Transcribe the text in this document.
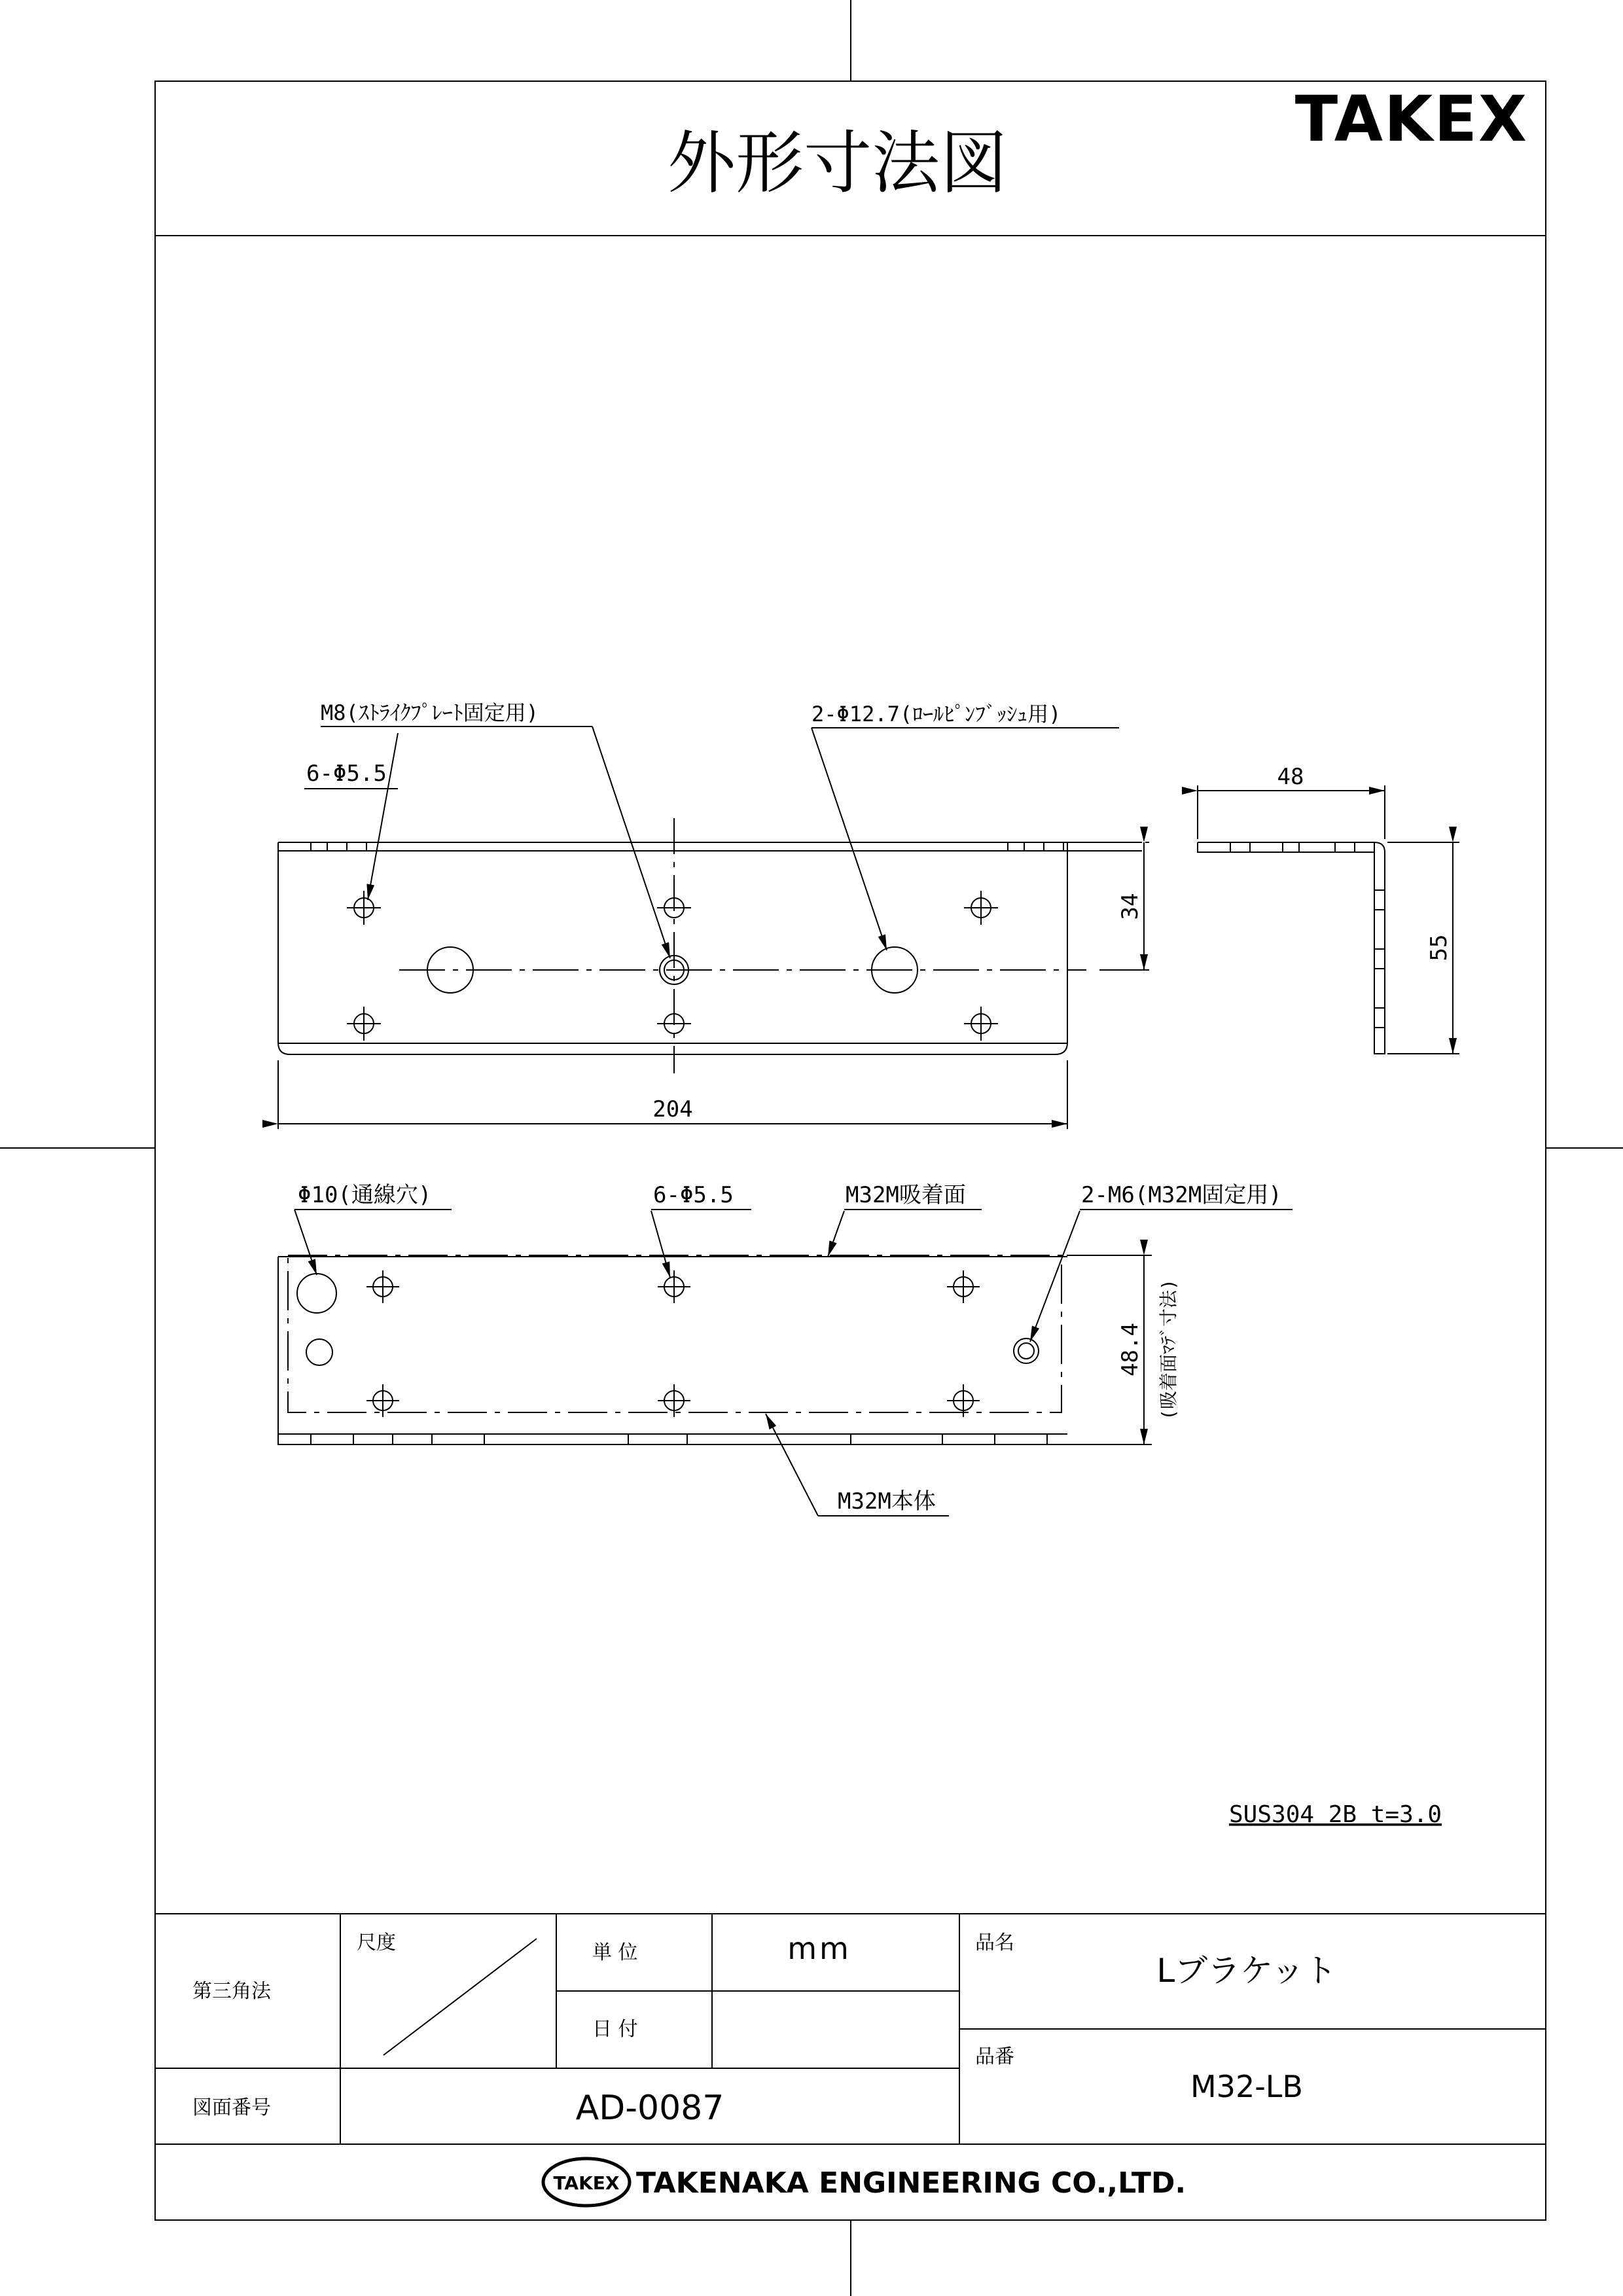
外形寸法図
TAKEX
M8(ｽﾄﾗｲｸﾌﾟﾚｰﾄ固定用)	2-Φ12.7(ﾛｰﾙﾋﾟﾝﾌﾞｯｼｭ用)
6-Φ5.5
204
34
48
55
Φ10(通線穴)	6-Φ5.5	M32M吸着面	2-M6(M32M固定用)
48.4 (吸着面ﾏﾃﾞ寸法)
M32M本体
SUS304 2B t=3.0
第三角法
尺度	単 位	mm
日 付
品名
Lブラケット
品番
M32-LB
図面番号	AD-0087
TAKEX TAKENAKA ENGINEERING CO.,LTD.
